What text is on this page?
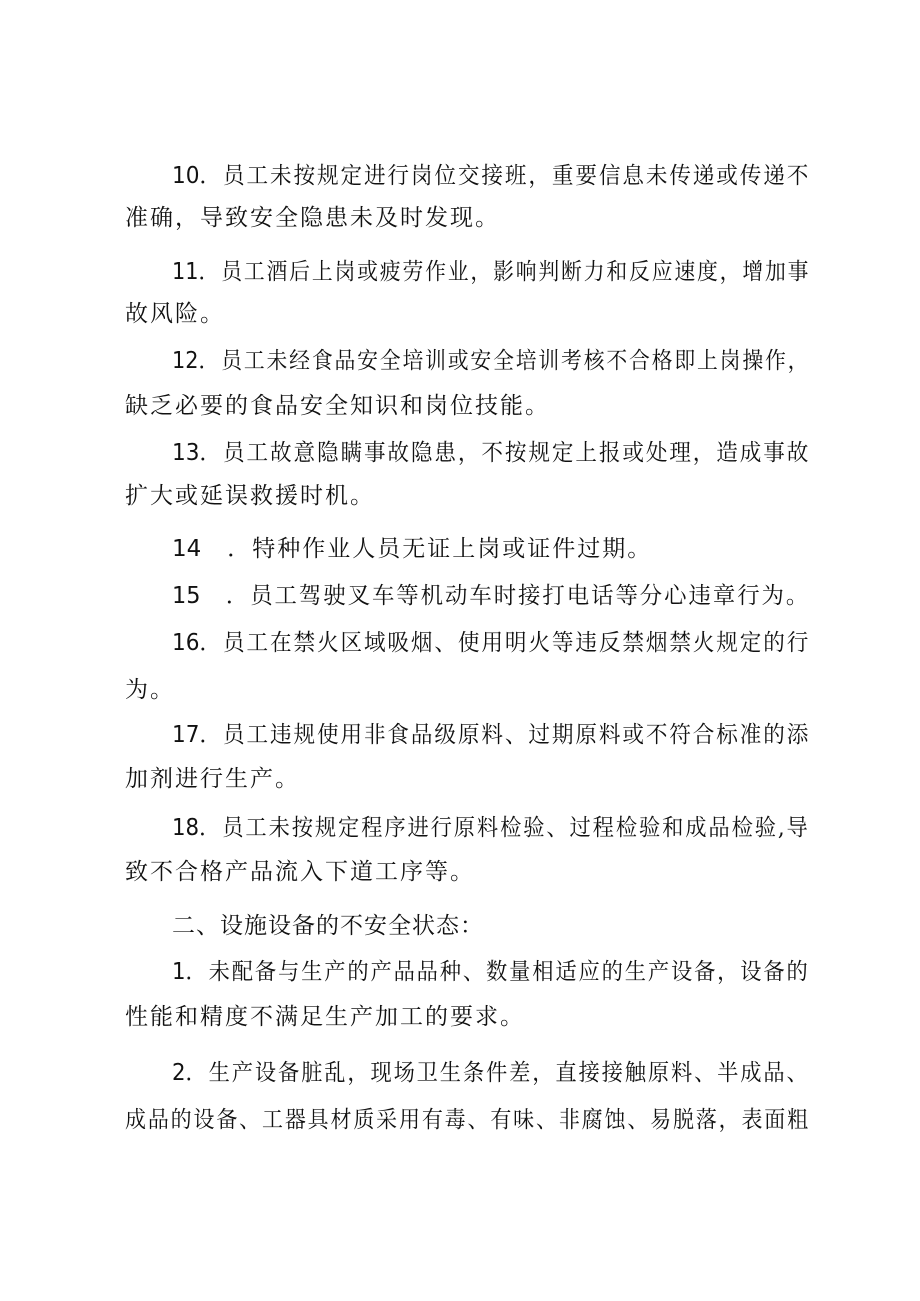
10．员工未按规定进行岗位交接班，重要信息未传递或传递不
准确，导致安全隐患未及时发现。
11．员工酒后上岗或疲劳作业，影响判断力和反应速度，增加事
故风险。
12．员工未经食品安全培训或安全培训考核不合格即上岗操作，
缺乏必要的食品安全知识和岗位技能。
13．员工故意隐瞒事故隐患，不按规定上报或处理，造成事故
扩大或延误救援时机。
14 ．特种作业人员无证上岗或证件过期。
15 ．员工驾驶叉车等机动车时接打电话等分心违章行为。
16．员工在禁火区域吸烟、使用明火等违反禁烟禁火规定的行
为。
17．员工违规使用非食品级原料、过期原料或不符合标准的添
加剂进行生产。
18．员工未按规定程序进行原料检验、过程检验和成品检验,导
致不合格产品流入下道工序等。
二、设施设备的不安全状态：
1．未配备与生产的产品品种、数量相适应的生产设备，设备的
性能和精度不满足生产加工的要求。
2．生产设备脏乱，现场卫生条件差，直接接触原料、半成品、
成品的设备、工器具材质采用有毒、有味、非腐蚀、易脱落，表面粗
